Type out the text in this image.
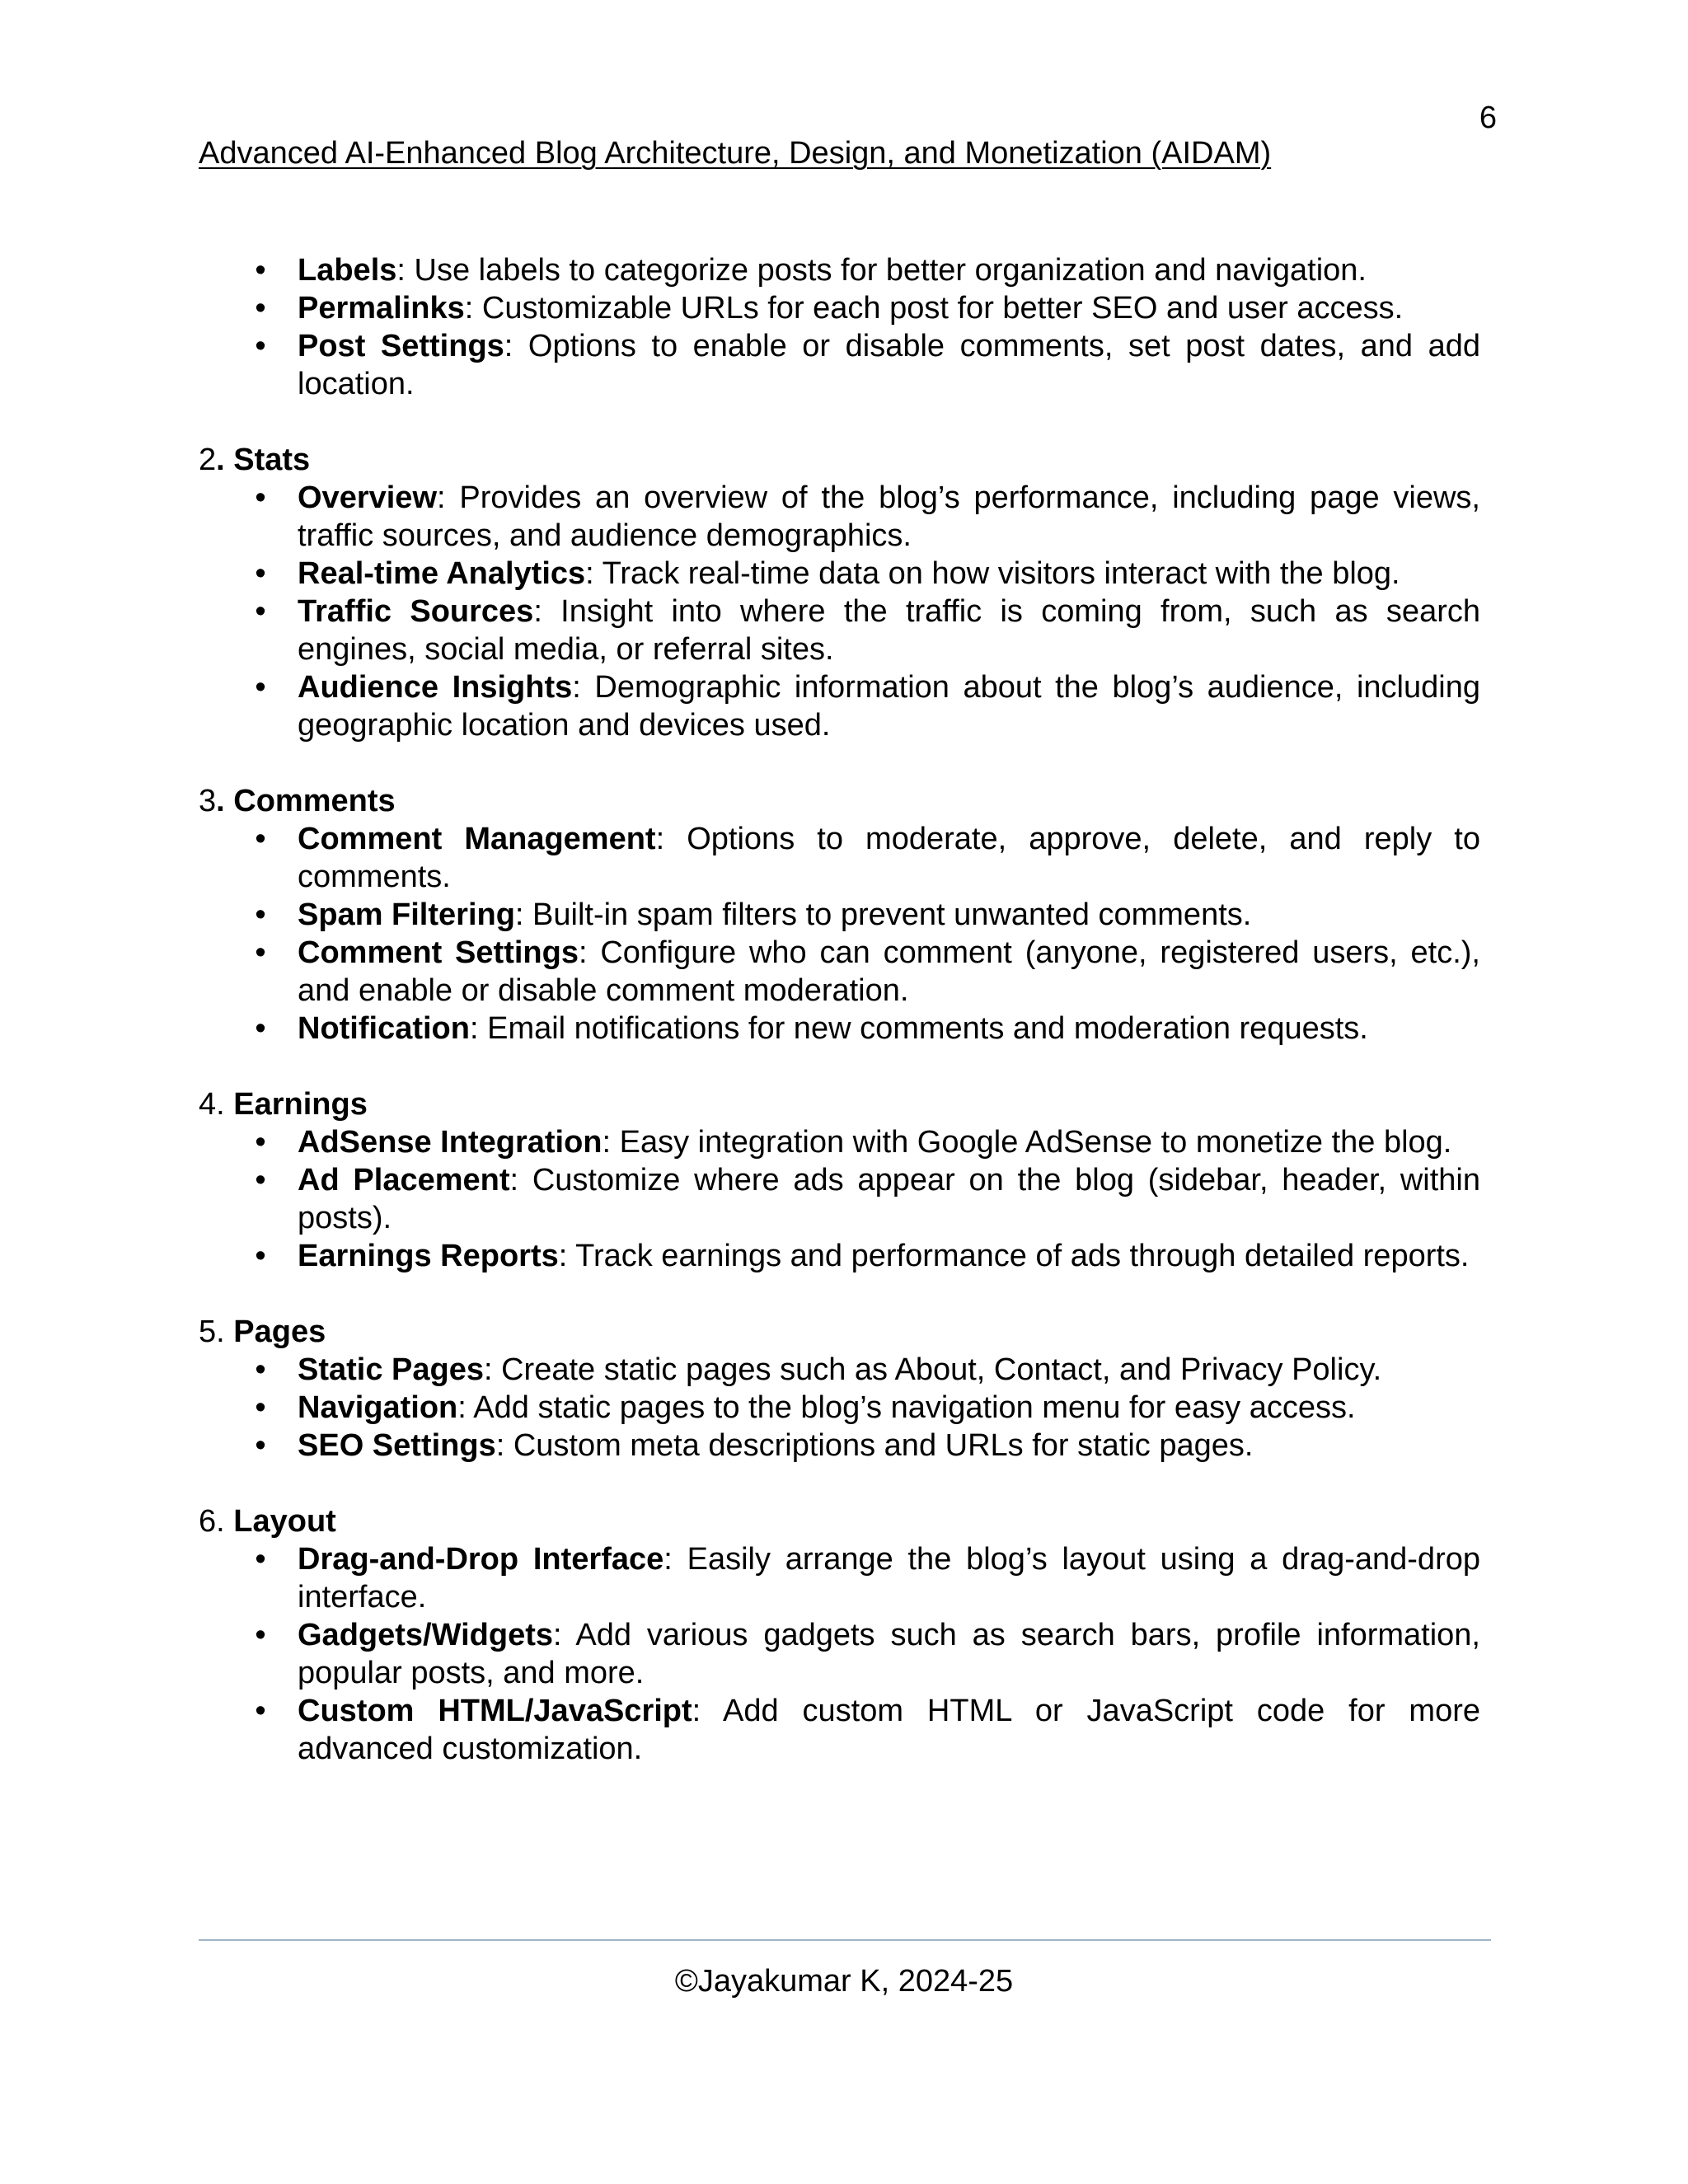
6
Advanced AI-Enhanced Blog Architecture, Design, and Monetization (AIDAM)
• Labels: Use labels to categorize posts for better organization and navigation.
• Permalinks: Customizable URLs for each post for better SEO and user access.
• Post Settings: Options to enable or disable comments, set post dates, and add location.
2. Stats
• Overview: Provides an overview of the blog’s performance, including page views, traffic sources, and audience demographics.
• Real-time Analytics: Track real-time data on how visitors interact with the blog.
• Traffic Sources: Insight into where the traffic is coming from, such as search engines, social media, or referral sites.
• Audience Insights: Demographic information about the blog’s audience, including geographic location and devices used.
3. Comments
• Comment Management: Options to moderate, approve, delete, and reply to comments.
• Spam Filtering: Built-in spam filters to prevent unwanted comments.
• Comment Settings: Configure who can comment (anyone, registered users, etc.), and enable or disable comment moderation.
• Notification: Email notifications for new comments and moderation requests.
4. Earnings
• AdSense Integration: Easy integration with Google AdSense to monetize the blog.
• Ad Placement: Customize where ads appear on the blog (sidebar, header, within posts).
• Earnings Reports: Track earnings and performance of ads through detailed reports.
5. Pages
• Static Pages: Create static pages such as About, Contact, and Privacy Policy.
• Navigation: Add static pages to the blog’s navigation menu for easy access.
• SEO Settings: Custom meta descriptions and URLs for static pages.
6. Layout
• Drag-and-Drop Interface: Easily arrange the blog’s layout using a drag-and-drop interface.
• Gadgets/Widgets: Add various gadgets such as search bars, profile information, popular posts, and more.
• Custom HTML/JavaScript: Add custom HTML or JavaScript code for more advanced customization.
©Jayakumar K, 2024-25
